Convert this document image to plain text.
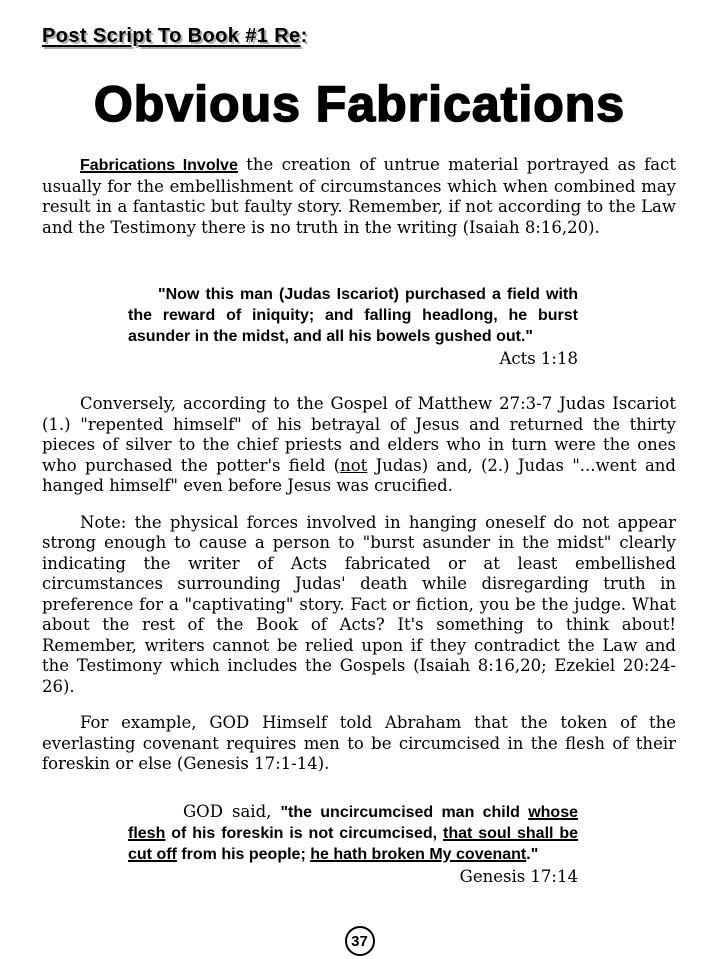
Post Script To Book #1 Re:
Obvious Fabrications
Fabrications Involve the creation of untrue material portrayed as fact usually for the embellishment of circumstances which when combined may result in a fantastic but faulty story. Remember, if not according to the Law and the Testimony there is no truth in the writing (Isaiah 8:16,20).
"Now this man (Judas Iscariot) purchased a field with the reward of iniquity; and falling headlong, he burst asunder in the midst, and all his bowels gushed out."
Acts 1:18
Conversely, according to the Gospel of Matthew 27:3-7 Judas Iscariot (1.) "repented himself" of his betrayal of Jesus and returned the thirty pieces of silver to the chief priests and elders who in turn were the ones who purchased the potter's field (not Judas) and, (2.) Judas "...went and hanged himself" even before Jesus was crucified.
Note: the physical forces involved in hanging oneself do not appear strong enough to cause a person to "burst asunder in the midst" clearly indicating the writer of Acts fabricated or at least embellished circumstances surrounding Judas' death while disregarding truth in preference for a "captivating" story. Fact or fiction, you be the judge. What about the rest of the Book of Acts? It's something to think about! Remember, writers cannot be relied upon if they contradict the Law and the Testimony which includes the Gospels (Isaiah 8:16,20; Ezekiel 20:24-26).
For example, GOD Himself told Abraham that the token of the everlasting covenant requires men to be circumcised in the flesh of their foreskin or else (Genesis 17:1-14).
GOD said, "the uncircumcised man child whose flesh of his foreskin is not circumcised, that soul shall be cut off from his people; he hath broken My covenant."
Genesis 17:14
37
